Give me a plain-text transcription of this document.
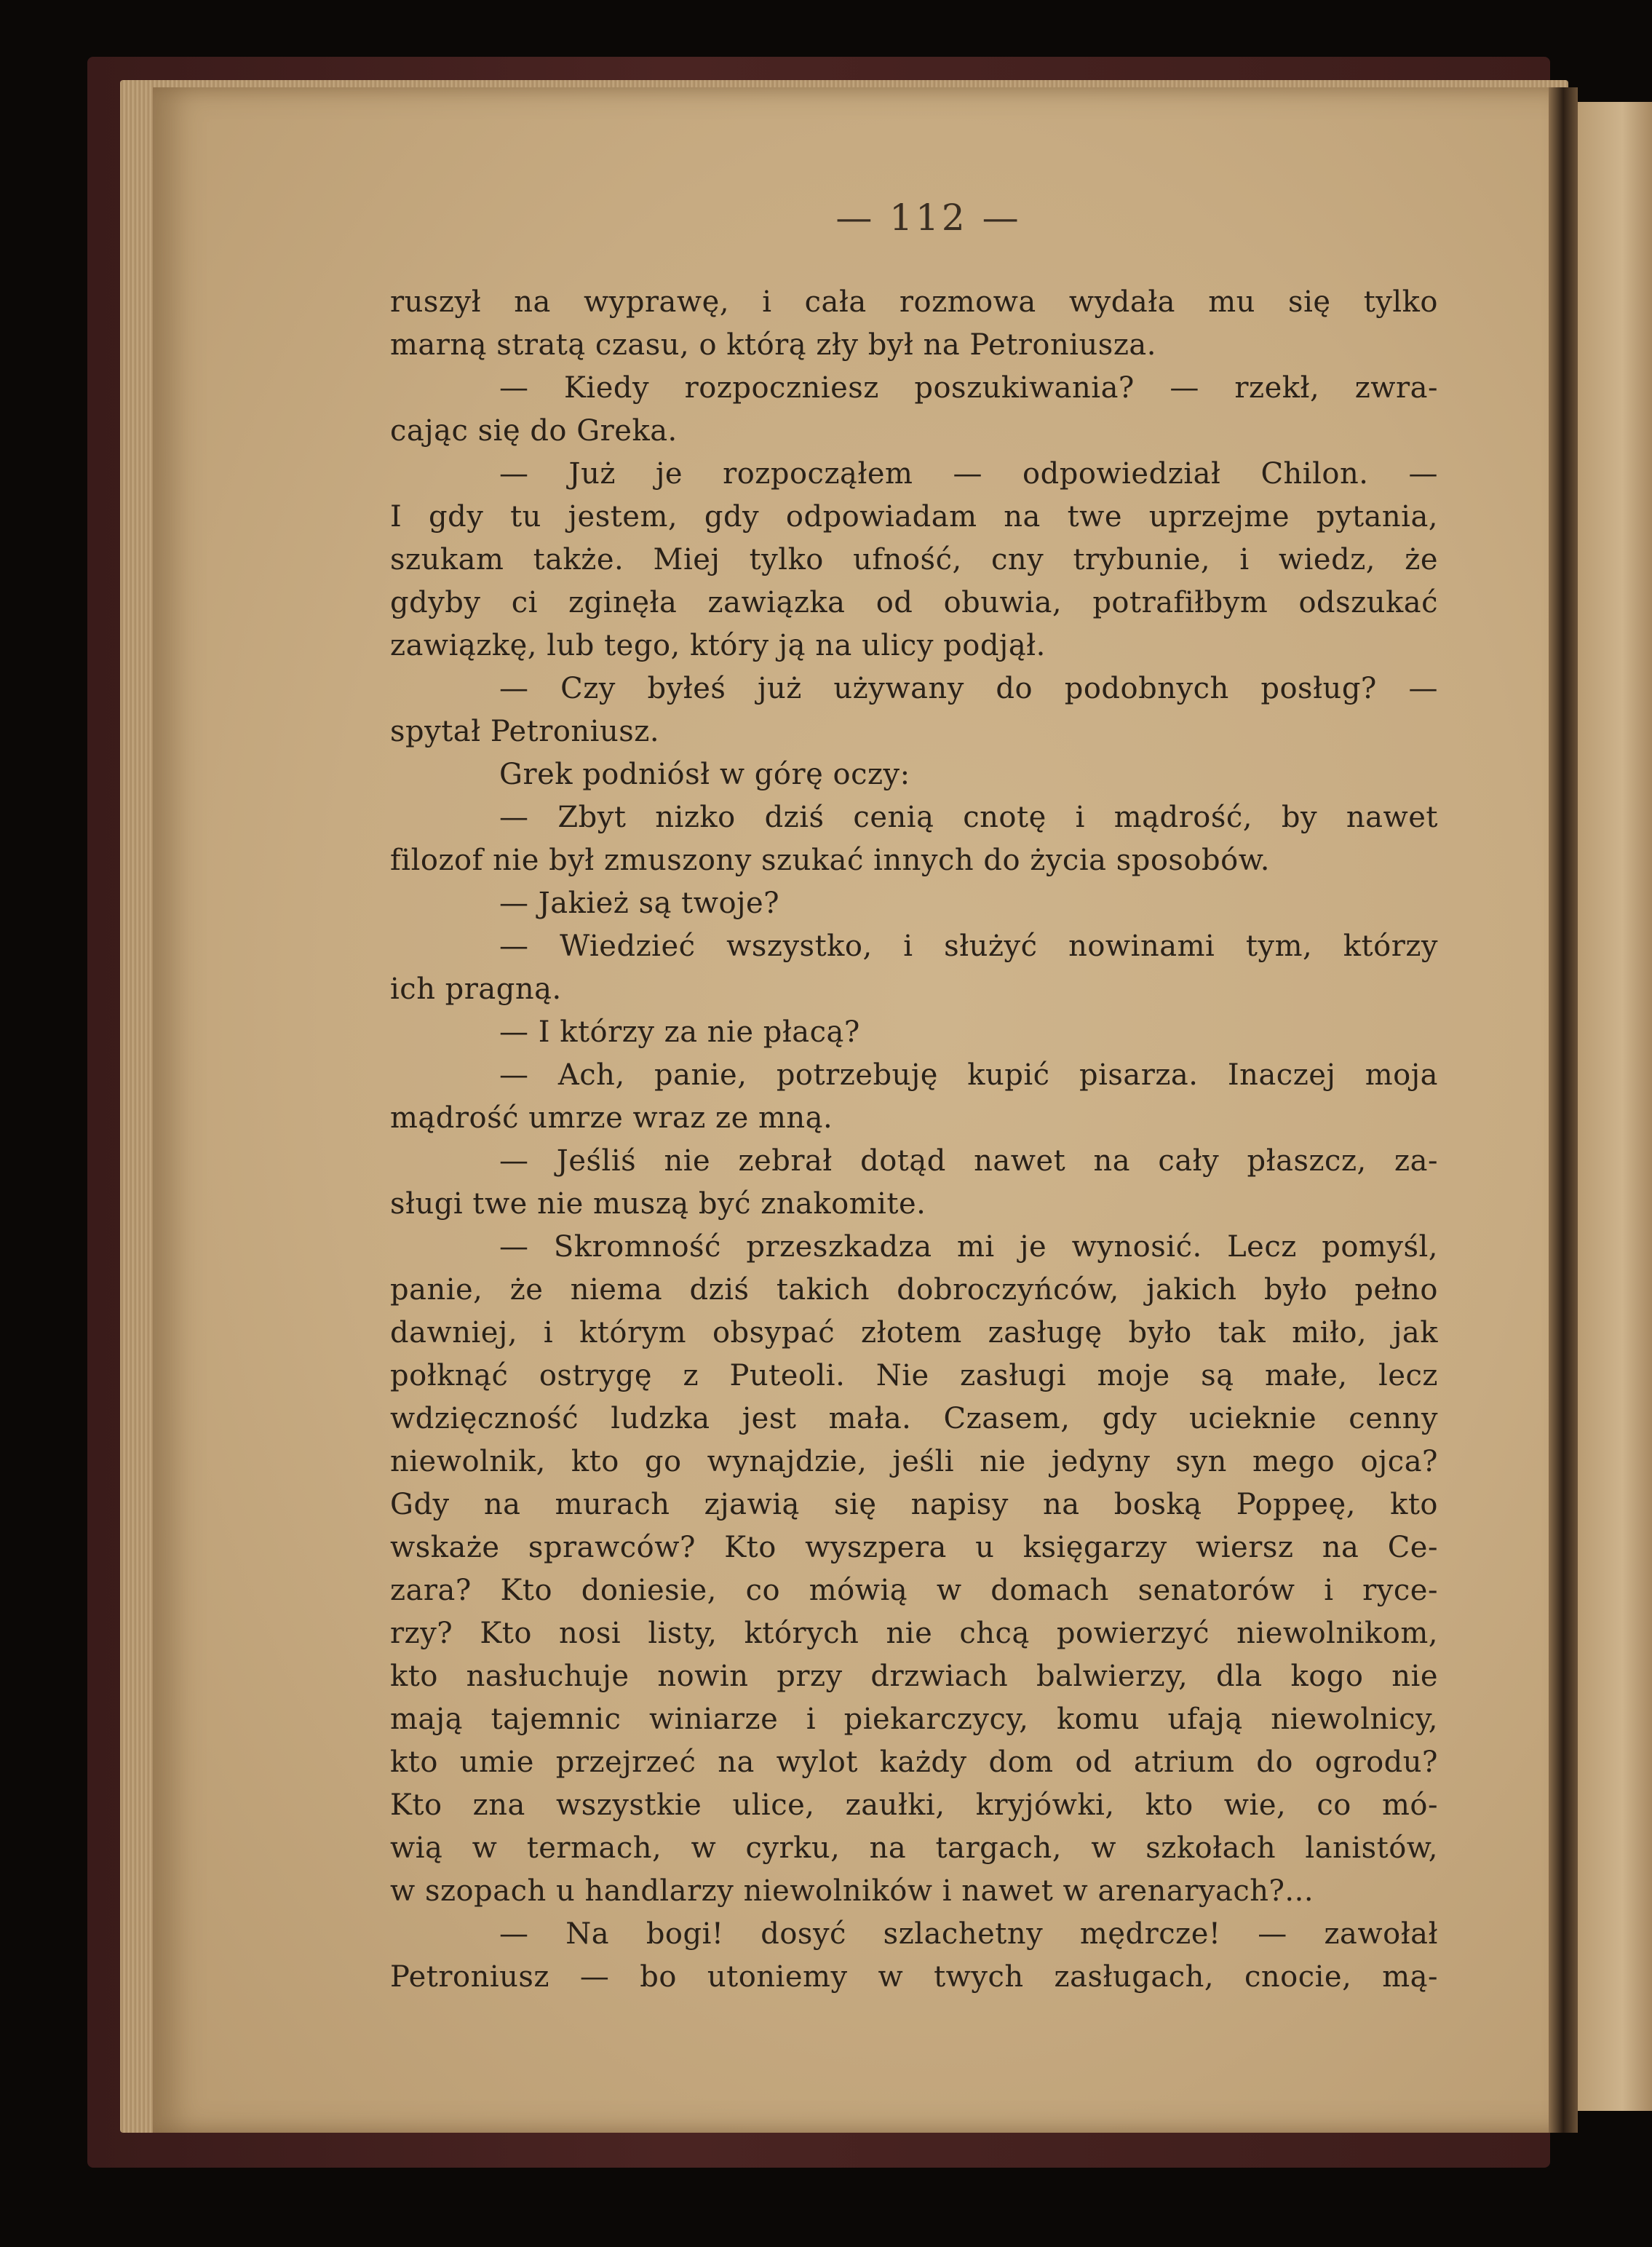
— 112 —
ruszył na wyprawę, i cała rozmowa wydała mu się tylko
marną stratą czasu, o którą zły był na Petroniusza.
— Kiedy rozpoczniesz poszukiwania? — rzekł, zwra-
cając się do Greka.
— Już je rozpocząłem — odpowiedział Chilon. —
I gdy tu jestem, gdy odpowiadam na twe uprzejme pytania,
szukam także. Miej tylko ufność, cny trybunie, i wiedz, że
gdyby ci zginęła zawiązka od obuwia, potrafiłbym odszukać
zawiązkę, lub tego, który ją na ulicy podjął.
— Czy byłeś już używany do podobnych posług? —
spytał Petroniusz.
Grek podniósł w górę oczy:
— Zbyt nizko dziś cenią cnotę i mądrość, by nawet
filozof nie był zmuszony szukać innych do życia sposobów.
— Jakież są twoje?
— Wiedzieć wszystko, i służyć nowinami tym, którzy
ich pragną.
— I którzy za nie płacą?
— Ach, panie, potrzebuję kupić pisarza. Inaczej moja
mądrość umrze wraz ze mną.
— Jeśliś nie zebrał dotąd nawet na cały płaszcz, za-
sługi twe nie muszą być znakomite.
— Skromność przeszkadza mi je wynosić. Lecz pomyśl,
panie, że niema dziś takich dobroczyńców, jakich było pełno
dawniej, i którym obsypać złotem zasługę było tak miło, jak
połknąć ostrygę z Puteoli. Nie zasługi moje są małe, lecz
wdzięczność ludzka jest mała. Czasem, gdy ucieknie cenny
niewolnik, kto go wynajdzie, jeśli nie jedyny syn mego ojca?
Gdy na murach zjawią się napisy na boską Poppeę, kto
wskaże sprawców? Kto wyszpera u księgarzy wiersz na Ce-
zara? Kto doniesie, co mówią w domach senatorów i ryce-
rzy? Kto nosi listy, których nie chcą powierzyć niewolnikom,
kto nasłuchuje nowin przy drzwiach balwierzy, dla kogo nie
mają tajemnic winiarze i piekarczycy, komu ufają niewolnicy,
kto umie przejrzeć na wylot każdy dom od atrium do ogrodu?
Kto zna wszystkie ulice, zaułki, kryjówki, kto wie, co mó-
wią w termach, w cyrku, na targach, w szkołach lanistów,
w szopach u handlarzy niewolników i nawet w arenaryach?...
— Na bogi! dosyć szlachetny mędrcze! — zawołał
Petroniusz — bo utoniemy w twych zasługach, cnocie, mą-
